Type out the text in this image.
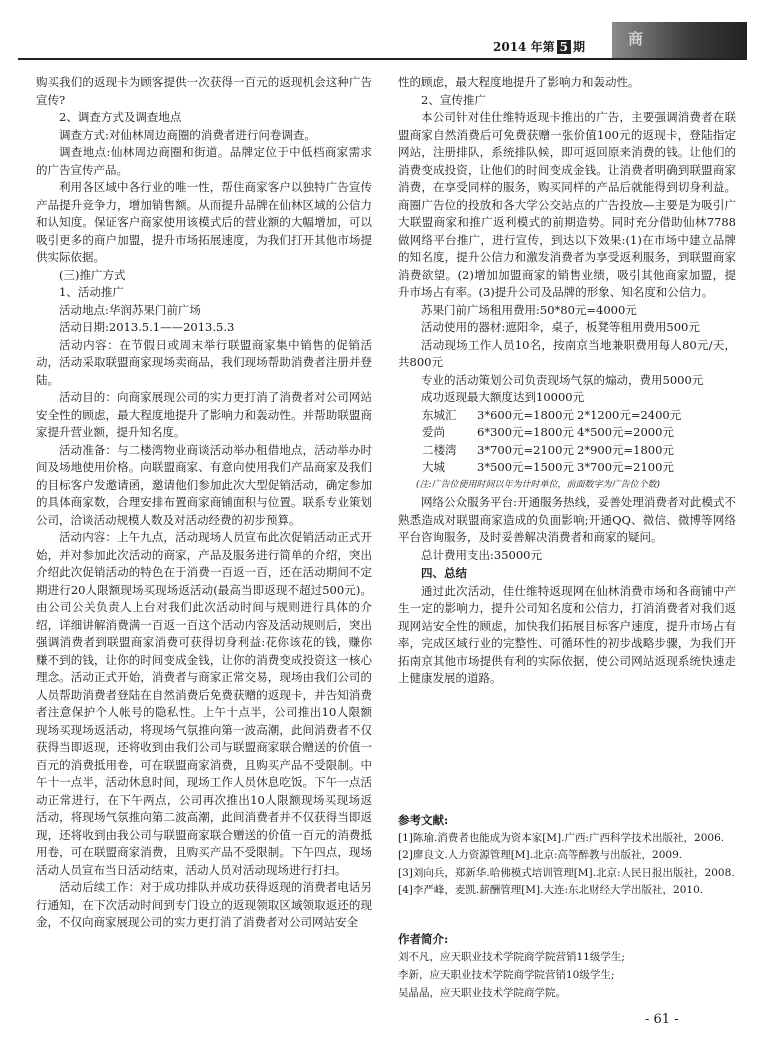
2014 年第 5 期	商

购买我们的返现卡为顾客提供一次获得一百元的返现机会这种广告宣传?

2、调查方式及调查地点

调查方式:对仙林周边商圈的消费者进行问卷调查。

调查地点:仙林周边商圈和街道。品牌定位于中低档商家需求的广告宣传产品。

利用各区域中各行业的唯一性，帮住商家客户以独特广告宣传产品提升竞争力，增加销售额。从而提升品牌在仙林区域的公信力和认知度。保证客户商家使用该模式后的营业额的大幅增加，可以吸引更多的商户加盟，提升市场拓展速度，为我们打开其他市场提供实际依据。

(三)推广方式

1、活动推广

活动地点:华润苏果门前广场

活动日期:2013.5.1——2013.5.3

活动内容：在节假日或周末举行联盟商家集中销售的促销活动，活动采取联盟商家现场卖商品，我们现场帮助消费者注册并登陆。

活动目的：向商家展现公司的实力更打消了消费者对公司网站安全性的顾虑，最大程度地提升了影响力和轰动性。并帮助联盟商家提升营业额，提升知名度。

活动准备：与二楼湾物业商谈活动举办租借地点，活动举办时间及场地使用价格。向联盟商家、有意向使用我们产品商家及我们的目标客户发邀请函，邀请他们参加此次大型促销活动，确定参加的具体商家数，合理安排布置商家商铺面积与位置。联系专业策划公司，洽谈活动规模人数及对活动经费的初步预算。

活动内容：上午九点，活动现场人员宣布此次促销活动正式开始，并对参加此次活动的商家，产品及服务进行简单的介绍，突出介绍此次促销活动的特色在于消费一百返一百，还在活动期间不定期进行20人限额现场买现场返活动(最高当即返现不超过500元)。由公司公关负责人上台对我们此次活动时间与规则进行具体的介绍，详细讲解消费满一百返一百这个活动内容及活动规则后，突出强调消费者到联盟商家消费可获得切身利益:花你该花的钱，赚你赚不到的钱，让你的时间变成金钱，让你的消费变成投资这一核心理念。活动正式开始，消费者与商家正常交易，现场由我们公司的人员帮助消费者登陆在自然消费后免费获赠的返现卡，并告知消费者注意保护个人帐号的隐私性。上午十点半，公司推出10人限额现场买现场返活动，将现场气氛推向第一波高潮，此间消费者不仅获得当即返现，还将收到由我们公司与联盟商家联合赠送的价值一百元的消费抵用卷，可在联盟商家消费，且购买产品不受限制。中午十一点半，活动休息时间，现场工作人员休息吃饭。下午一点活动正常进行，在下午两点，公司再次推出10人限额现场买现场返活动，将现场气氛推向第二波高潮，此间消费者并不仅获得当即返现，还将收到由我公司与联盟商家联合赠送的价值一百元的消费抵用卷，可在联盟商家消费，且购买产品不受限制。下午四点，现场活动人员宣布当日活动结束，活动人员对活动现场进行打扫。

活动后续工作：对于成功排队并成功获得返现的消费者电话另行通知，在下次活动时间到专门设立的返现领取区域领取返还的现金，不仅向商家展现公司的实力更打消了消费者对公司网站安全

性的顾虑，最大程度地提升了影响力和轰动性。

2、宣传推广

本公司针对佳仕维特返现卡推出的广告，主要强调消费者在联盟商家自然消费后可免费获赠一张价值100元的返现卡，登陆指定网站，注册排队，系统排队候，即可返回原来消费的钱。让他们的消费变成投资，让他们的时间变成金钱。让消费者明确到联盟商家消费，在享受同样的服务，购买同样的产品后就能得到切身利益。商圈广告位的投放和各大学公交站点的广告投放—主要是为吸引广大联盟商家和推广返利模式的前期造势。同时充分借助仙林7788做网络平台推广，进行宣传，到达以下效果:(1)在市场中建立品牌的知名度，提升公信力和激发消费者为享受返利服务，到联盟商家消费欲望。(2)增加加盟商家的销售业绩，吸引其他商家加盟，提升市场占有率。(3)提升公司及品牌的形象、知名度和公信力。

苏果门前广场租用费用:50*80元=4000元

活动使用的器材:遮阳伞，桌子，板凳等租用费用500元

活动现场工作人员10名，按南京当地兼职费用每人80元/天，共800元

专业的活动策划公司负责现场气氛的煽动，费用5000元

成功返现最大额度达到10000元

东城汇	3*600元=1800元 2*1200元=2400元
爱尚	6*300元=1800元 4*500元=2000元
二楼湾	3*700元=2100元 2*900元=1800元
大城	3*500元=1500元 3*700元=2100元

(注:广告位使用时间以年为计时单位，前面数字为广告位个数)

网络公众服务平台:开通服务热线，妥善处理消费者对此模式不熟悉造成对联盟商家造成的负面影响;开通QQ、微信、微博等网络平台咨询服务，及时妥善解决消费者和商家的疑问。

总计费用支出:35000元

四、总结

通过此次活动，佳仕维特返现网在仙林消费市场和各商铺中产生一定的影响力，提升公司知名度和公信力，打消消费者对我们返现网站安全性的顾虑，加快我们拓展目标客户速度，提升市场占有率，完成区域行业的完整性、可循环性的初步战略步骤，为我们开拓南京其他市场提供有利的实际依据，使公司网站返现系统快速走上健康发展的道路。

参考文献:

[1]陈瑜.消费者也能成为资本家[M].广西:广西科学技术出版社，2006.

[2]廖良文.人力资源管理[M].北京:高等醉教与出版社，2009.

[3]刘向兵，郑新华.哈佛模式培训管理[M].北京:人民日报出版社，2008.

[4]李严峰，麦凯.薪酬管理[M].大连:东北财经大学出版社，2010.

作者简介:

刘不凡，应天职业技术学院商学院营销11级学生;

李新，应天职业技术学院商学院营销10级学生;

吴晶晶，应天职业技术学院商学院。

- 61 -
